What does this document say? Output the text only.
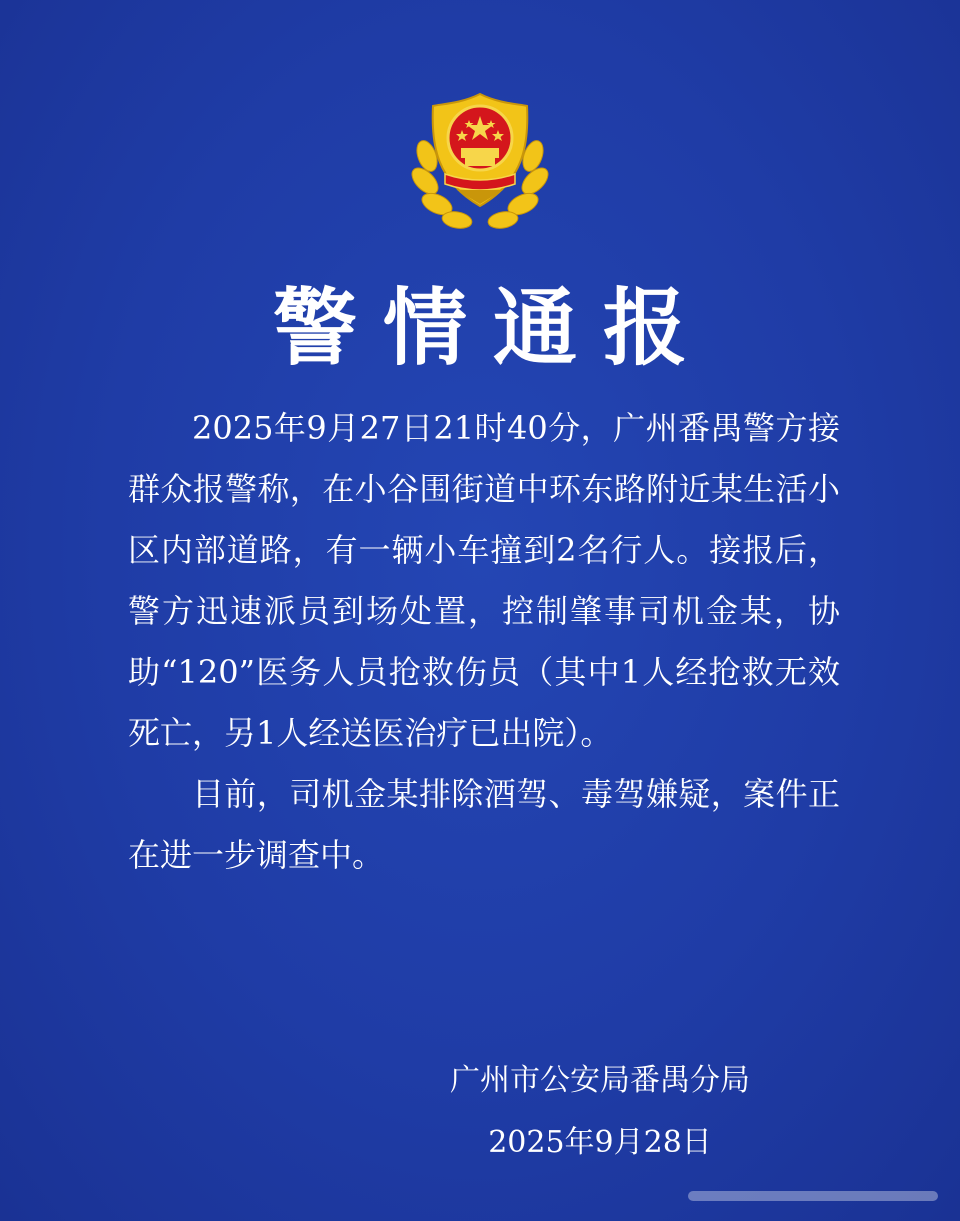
警情通报

2025年9月27日21时40分，广州番禺警方接群众报警称，在小谷围街道中环东路附近某生活小区内部道路，有一辆小车撞到2名行人。接报后，警方迅速派员到场处置，控制肇事司机金某，协助“120”医务人员抢救伤员（其中1人经抢救无效死亡，另1人经送医治疗已出院）。

目前，司机金某排除酒驾、毒驾嫌疑，案件正在进一步调查中。

广州市公安局番禺分局
2025年9月28日
